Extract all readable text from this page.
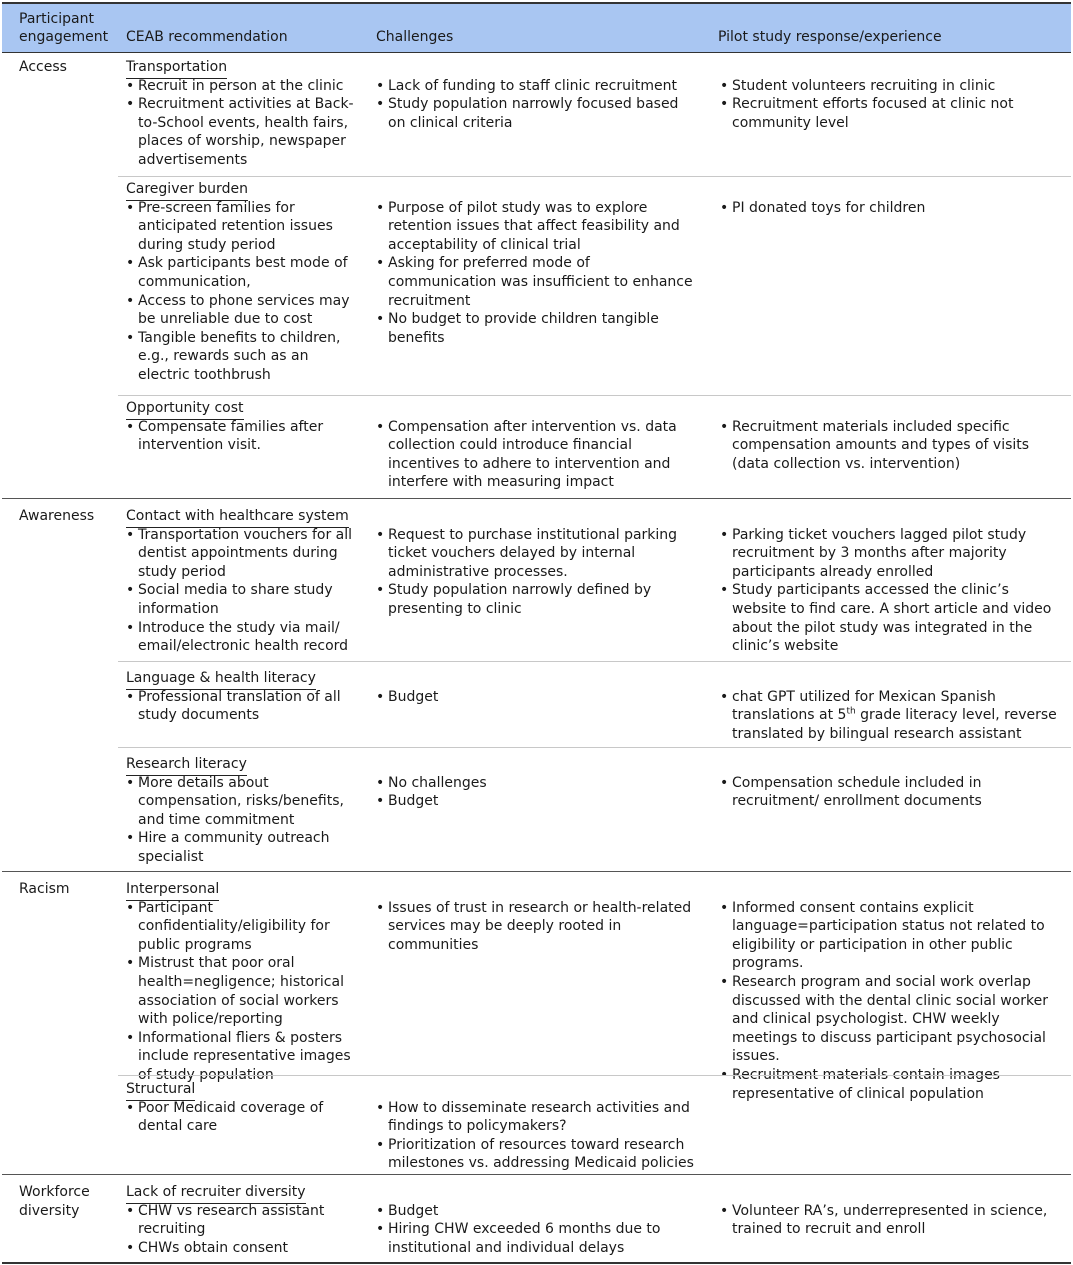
Participant engagement	CEAB recommendation	Challenges	Pilot study response/experience
Access	Transportation
• Recruit in person at the clinic
• Recruitment activities at Back-to-School events, health fairs, places of worship, newspaper advertisements
• Lack of funding to staff clinic recruitment
• Study population narrowly focused based on clinical criteria
• Student volunteers recruiting in clinic
• Recruitment efforts focused at clinic not community level
Caregiver burden
• Pre-screen families for anticipated retention issues during study period
• Ask participants best mode of communication,
• Access to phone services may be unreliable due to cost
• Tangible benefits to children, e.g., rewards such as an electric toothbrush
• Purpose of pilot study was to explore retention issues that affect feasibility and acceptability of clinical trial
• Asking for preferred mode of communication was insufficient to enhance recruitment
• No budget to provide children tangible benefits
• PI donated toys for children
Opportunity cost
• Compensate families after intervention visit.
• Compensation after intervention vs. data collection could introduce financial incentives to adhere to intervention and interfere with measuring impact
• Recruitment materials included specific compensation amounts and types of visits (data collection vs. intervention)
Awareness	Contact with healthcare system
• Transportation vouchers for all dentist appointments during study period
• Social media to share study information
• Introduce the study via mail/ email/electronic health record
• Request to purchase institutional parking ticket vouchers delayed by internal administrative processes.
• Study population narrowly defined by presenting to clinic
• Parking ticket vouchers lagged pilot study recruitment by 3 months after majority participants already enrolled
• Study participants accessed the clinic’s website to find care. A short article and video about the pilot study was integrated in the clinic’s website
Language & health literacy
• Professional translation of all study documents
• Budget
•	chat GPT utilized for Mexican Spanish translations at 5th grade literacy level, reverse translated by bilingual research assistant
Research literacy
• More details about compensation, risks/benefits, and time commitment
• Hire a community outreach specialist
• No challenges
• Budget
• Compensation schedule included in recruitment/ enrollment documents
Racism	Interpersonal
• Participant confidentiality/eligibility for public programs
• Mistrust that poor oral health=negligence; historical association of social workers with police/reporting
• Informational fliers & posters include representative images of study population
• Issues of trust in research or health-related services may be deeply rooted in communities
• Informed consent contains explicit language=participation status not related to eligibility or participation in other public programs.
• Research program and social work overlap discussed with the dental clinic social worker and clinical psychologist. CHW weekly meetings to discuss participant psychosocial issues.
• Recruitment materials contain images representative of clinical population
Structural
• Poor Medicaid coverage of dental care
• How to disseminate research activities and findings to policymakers?
• Prioritization of resources toward research milestones vs. addressing Medicaid policies
Workforce diversity
Lack of recruiter diversity
• CHW vs research assistant recruiting
• CHWs obtain consent
• Budget
• Hiring CHW exceeded 6 months due to institutional and individual delays
• Volunteer RA’s, underrepresented in science, trained to recruit and enroll
